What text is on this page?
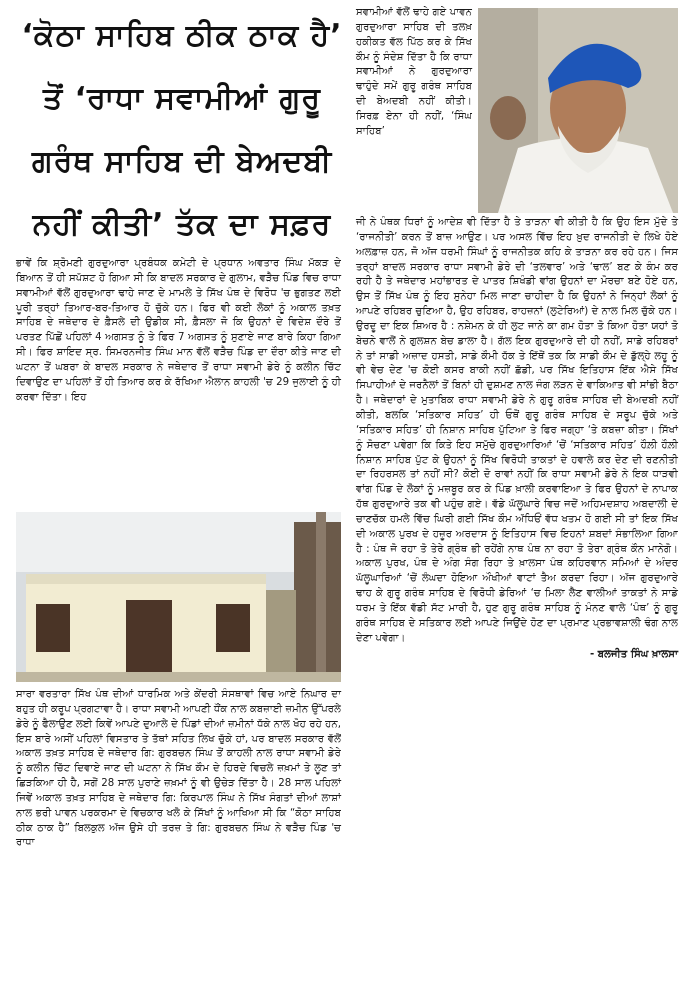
‘ਕੋਠਾ ਸਾਹਿਬ ਠੀਕ ਠਾਕ ਹੈ’
ਤੋਂ ‘ਰਾਧਾ ਸਵਾਮੀਆਂ ਗੁਰੂ
ਗਰੰਥ ਸਾਹਿਬ ਦੀ ਬੇਅਦਬੀ
ਨਹੀਂ ਕੀਤੀ’ ਤੱਕ ਦਾ ਸਫ਼ਰ

ਭਾਵੇਂ ਕਿ ਸ਼੍ਰੋਮਣੀ ਗੁਰਦੁਆਰਾ ਪ੍ਰਬੰਧਕ ਕਮੇਟੀ ਦੇ ਪ੍ਰਧਾਨ ਅਵਤਾਰ ਸਿੰਘ ਮੱਕੜ ਦੇ ਬਿਆਨ ਤੋਂ ਹੀ ਸਪੱਸ਼ਟ ਹੋ ਗਿਆ ਸੀ ਕਿ ਬਾਦਲ ਸਰਕਾਰ ਦੇ ਗੁਲਾਮ, ਵੜੈਚ ਪਿੰਡ ਵਿਚ ਰਾਧਾ ਸਵਾਮੀਆਂ ਵੱਲੋਂ ਗੁਰਦੁਆਰਾ ਢਾਹੇ ਜਾਣ ਦੇ ਮਾਮਲੇ ਤੇ ਸਿੱਖ ਪੰਥ ਦੇ ਵਿਰੋਧ 'ਚ ਭੁਗਤਣ ਲਈ ਪੂਰੀ ਤਰ੍ਹਾਂ ਤਿਆਰ-ਬਰ-ਤਿਆਰ ਹੋ ਚੁੱਕੇ ਹਨ। ਫਿਰ ਵੀ ਕਈ ਲੋਕਾਂ ਨੂੰ ਅਕਾਲ ਤਖ਼ਤ ਸਾਹਿਬ ਦੇ ਜਥੇਦਾਰ ਦੇ ਫ਼ੈਸਲੇ ਦੀ ਉਡੀਕ ਸੀ, ਫ਼ੈਸਲਾ ਜੋ ਕਿ ਉਹਨਾਂ ਦੇ ਵਿਦੇਸ਼ ਦੌਰੇ ਤੋਂ ਪਰਤਣ ਪਿੱਛੋਂ ਪਹਿਲਾਂ 4 ਅਗਸਤ ਨੂੰ ਤੇ ਫਿਰ 7 ਅਗਸਤ ਨੂੰ ਸੁਣਾਏ ਜਾਣ ਬਾਰੇ ਕਿਹਾ ਗਿਆ ਸੀ। ਫਿਰ ਸ਼ਾਇਦ ਸ੍ਰ. ਸਿਮਰਨਜੀਤ ਸਿੰਘ ਮਾਨ ਵੱਲੋਂ ਵੜੈਚ ਪਿੰਡ ਦਾ ਦੌਰਾ ਕੀਤੇ ਜਾਣ ਦੀ ਘਟਨਾ ਤੋਂ ਘਬਰਾ ਕੇ ਬਾਦਲ ਸਰਕਾਰ ਨੇ ਜਥੇਦਾਰ ਤੋਂ ਰਾਧਾ ਸਵਾਮੀ ਡੇਰੇ ਨੂੰ ਕਲੀਨ ਚਿੱਟ ਦਿਵਾਉਣ ਦਾ ਪਹਿਲਾਂ ਤੋਂ ਹੀ ਤਿਆਰ ਕਰ ਕੇ ਰੱਖਿਆ ਐਲਾਨ ਕਾਹਲੀ 'ਚ 29 ਜੁਲਾਈ ਨੂੰ ਹੀ ਕਰਵਾ ਦਿੱਤਾ। ਇਹ

ਸਾਰਾ ਵਰਤਾਰਾ ਸਿੱਖ ਪੰਥ ਦੀਆਂ ਧਾਰਮਿਕ ਅਤੇ ਕੇਂਦਰੀ ਸੰਸਥਾਵਾਂ ਵਿਚ ਆਏ ਨਿਘਾਰ ਦਾ ਬਹੁਤ ਹੀ ਕਰੂਪ ਪ੍ਰਗਟਾਵਾ ਹੈ। ਰਾਧਾ ਸਵਾਮੀ ਆਪਣੀ ਧੌਂਕ ਨਾਲ ਕਬਜ਼ਾਈ ਜ਼ਮੀਨ ਉੱਪਰਲੇ ਡੇਰੇ ਨੂੰ ਫੈਲਾਉਣ ਲਈ ਕਿਵੇਂ ਆਪਣੇ ਦੁਆਲੇ ਦੇ ਪਿੰਡਾਂ ਦੀਆਂ ਜ਼ਮੀਨਾਂ ਧੱਕੇ ਨਾਲ ਖੋਹ ਰਹੇ ਹਨ, ਇਸ ਬਾਰੇ ਅਸੀਂ ਪਹਿਲਾਂ ਵਿਸਤਾਰ ਤੇ ਤੱਥਾਂ ਸਹਿਤ ਲਿਖ ਚੁੱਕੇ ਹਾਂ, ਪਰ ਬਾਦਲ ਸਰਕਾਰ ਵੱਲੋਂ ਅਕਾਲ ਤਖ਼ਤ ਸਾਹਿਬ ਦੇ ਜਥੇਦਾਰ ਗਿ: ਗੁਰਬਚਨ ਸਿੰਘ ਤੋਂ ਕਾਹਲੀ ਨਾਲ ਰਾਧਾ ਸਵਾਮੀ ਡੇਰੇ ਨੂੰ ਕਲੀਨ ਚਿੱਟ ਦਿਵਾਏ ਜਾਣ ਦੀ ਘਟਨਾ ਨੇ ਸਿੱਖ ਕੌਮ ਦੇ ਹਿਰਦੇ ਵਿਚਲੇ ਜ਼ਖ਼ਮਾਂ ਤੇ ਲੂਣ ਤਾਂ ਛਿੜਕਿਆ ਹੀ ਹੈ, ਸਗੋਂ 28 ਸਾਲ ਪੁਰਾਣੇ ਜ਼ਖ਼ਮਾਂ ਨੂੰ ਵੀ ਉਚੇੜ ਦਿੱਤਾ ਹੈ। 28 ਸਾਲ ਪਹਿਲਾਂ ਜਿਵੇਂ ਅਕਾਲ ਤਖ਼ਤ ਸਾਹਿਬ ਦੇ ਜਥੇਦਾਰ ਗਿ: ਕਿਰਪਾਲ ਸਿੰਘ ਨੇ ਸਿੱਖ ਸੰਗਤਾਂ ਦੀਆਂ ਲਾਸ਼ਾਂ ਨਾਲ ਭਰੀ ਪਾਵਨ ਪਰਕਰਮਾ ਦੇ ਵਿਚਕਾਰ ਖਲੋ ਕੇ ਸਿੱਖਾਂ ਨੂੰ ਆਖਿਆ ਸੀ ਕਿ “ਕੋਠਾ ਸਾਹਿਬ ਠੀਕ ਠਾਕ ਹੈ” ਬਿਲਕੁਲ ਅੱਜ ਉਸੇ ਹੀ ਤਰਜ਼ ਤੇ ਗਿ: ਗੁਰਬਚਨ ਸਿੰਘ ਨੇ ਵੜੈਚ ਪਿੰਡ 'ਚ ਰਾਧਾ

ਸਵਾਮੀਆਂ ਵੱਲੋਂ ਢਾਹੇ ਗਏ ਪਾਵਨ ਗੁਰਦੁਆਰਾ ਸਾਹਿਬ ਦੀ ਤਲਖ਼ ਹਕੀਕਤ ਵੱਲ ਪਿੱਠ ਕਰ ਕੇ ਸਿੱਖ ਕੌਮ ਨੂੰ ਸੰਦੇਸ਼ ਦਿੱਤਾ ਹੈ ਕਿ ਰਾਧਾ ਸਵਾਮੀਆਂ ਨੇ ਗੁਰਦੁਆਰਾ ਢਾਹੁੰਦੇ ਸਮੇਂ ਗੁਰੂ ਗਰੰਥ ਸਾਹਿਬ ਦੀ ਬੇਅਦਬੀ ਨਹੀਂ ਕੀਤੀ। ਸਿਰਫ਼ ਏਨਾ ਹੀ ਨਹੀਂ, ‘ਸਿੰਘ ਸਾਹਿਬ’

ਜੀ ਨੇ ਪੰਥਕ ਧਿਰਾਂ ਨੂੰ ਆਦੇਸ਼ ਵੀ ਦਿੱਤਾ ਹੈ ਤੇ ਤਾੜਨਾ ਵੀ ਕੀਤੀ ਹੈ ਕਿ ਉਹ ਇਸ ਮੁੱਦੇ ਤੇ ‘ਰਾਜਨੀਤੀ’ ਕਰਨ ਤੋਂ ਬਾਜ਼ ਆਉਣ। ਪਰ ਅਸਲ ਵਿੱਚ ਇਹ ਖ਼ੁਦ ਰਾਜਨੀਤੀ ਦੇ ਲਿਖੇ ਹੋਏ ਅਲਫ਼ਾਜ਼ ਹਨ, ਜੋ ਅੱਜ ਧਰਮੀ ਸਿੰਘਾਂ ਨੂੰ ਰਾਜਨੀਤਕ ਕਹਿ ਕੇ ਤਾੜਨਾ ਕਰ ਰਹੇ ਹਨ। ਜਿਸ ਤਰ੍ਹਾਂ ਬਾਦਲ ਸਰਕਾਰ ਰਾਧਾ ਸਵਾਮੀ ਡੇਰੇ ਦੀ ‘ਤਲਵਾਰ’ ਅਤੇ ‘ਢਾਲ’ ਬਣ ਕੇ ਕੰਮ ਕਰ ਰਹੀ ਹੈ ਤੇ ਜਥੇਦਾਰ ਮਹਾਂਭਾਰਤ ਦੇ ਪਾਤਰ ਸ਼ਿਖੰਡੀ ਵਾਂਗ ਉਹਨਾਂ ਦਾ ਮੋਰਚਾ ਬਣੇ ਹੋਏ ਹਨ, ਉਸ ਤੋਂ ਸਿੱਖ ਪੰਥ ਨੂੰ ਇਹ ਸੁਨੇਹਾ ਮਿਲ ਜਾਣਾ ਚਾਹੀਦਾ ਹੈ ਕਿ ਉਹਨਾਂ ਨੇ ਜਿਨ੍ਹਾਂ ਲੋਕਾਂ ਨੂੰ ਆਪਣੇ ਰਹਿਬਰ ਚੁਣਿਆ ਹੈ, ਉਹ ਰਹਿਬਰ, ਰਾਹਜ਼ਨਾਂ (ਲੁਟੇਰਿਆਂ) ਦੇ ਨਾਲ ਮਿਲ ਚੁੱਕੇ ਹਨ। ਉਰਦੂ ਦਾ ਇਕ ਸ਼ਿਅਰ ਹੈ : ਨਸ਼ੇਮਨ ਕੇ ਹੀ ਲੁਟ ਜਾਨੇ ਕਾ ਗਮ ਹੋਤਾ ਤੋ ਕਿਆ ਹੋਤਾ ਯਹਾਂ ਤੋ ਬੇਚਨੇ ਵਾਲੋਂ ਨੇ ਗੁਲਸ਼ਨ ਬੇਚ ਡਾਲਾ ਹੈ। ਗੱਲ ਇਕ ਗੁਰਦੁਆਰੇ ਦੀ ਹੀ ਨਹੀਂ, ਸਾਡੇ ਰਹਿਬਰਾਂ ਨੇ ਤਾਂ ਸਾਡੀ ਅਜ਼ਾਦ ਹਸਤੀ, ਸਾਡੇ ਕੌਮੀ ਹੱਕ ਤੇ ਇੱਥੋਂ ਤਕ ਕਿ ਸਾਡੀ ਕੌਮ ਦੇ ਡੁੱਲ੍ਹੇ ਲਹੂ ਨੂੰ ਵੀ ਵੇਚ ਦੇਣ 'ਚ ਕੋਈ ਕਸਰ ਬਾਕੀ ਨਹੀਂ ਛੱਡੀ, ਪਰ ਸਿੱਖ ਇਤਿਹਾਸ ਇੱਕ ਐਸੇ ਸਿੱਖ ਸਿਪਾਹੀਆਂ ਦੇ ਜਰਨੈਲਾਂ ਤੋਂ ਬਿਨਾਂ ਹੀ ਦੁਸ਼ਮਣ ਨਾਲ ਜੰਗ ਲੜਨ ਦੇ ਵਾਕਿਆਤ ਵੀ ਸਾਂਭੀ ਬੈਠਾ ਹੈ। ਜਥੇਦਾਰਾਂ ਦੇ ਮੁਤਾਬਿਕ ਰਾਧਾ ਸਵਾਮੀ ਡੇਰੇ ਨੇ ਗੁਰੂ ਗਰੰਥ ਸਾਹਿਬ ਦੀ ਬੇਅਦਬੀ ਨਹੀਂ ਕੀਤੀ, ਬਲਕਿ ‘ਸਤਿਕਾਰ ਸਹਿਤ’ ਹੀ ਓਥੋਂ ਗੁਰੂ ਗਰੰਥ ਸਾਹਿਬ ਦੇ ਸਰੂਪ ਚੁੱਕੇ ਅਤੇ ‘ਸਤਿਕਾਰ ਸਹਿਤ’ ਹੀ ਨਿਸ਼ਾਨ ਸਾਹਿਬ ਪੁੱਟਿਆ ਤੇ ਫਿਰ ਜਗ੍ਹਾ ‘ਤੇ ਕਬਜ਼ਾ ਕੀਤਾ। ਸਿੱਖਾਂ ਨੂੰ ਸੋਚਣਾ ਪਵੇਗਾ ਕਿ ਕਿਤੇ ਇਹ ਸਮੁੱਚੇ ਗੁਰਦੁਆਰਿਆਂ ‘ਚੋਂ ‘ਸਤਿਕਾਰ ਸਹਿਤ’ ਹੌਲ਼ੀ ਹੌਲ਼ੀ ਨਿਸ਼ਾਨ ਸਾਹਿਬ ਪੁੱਟ ਕੇ ਉਹਨਾਂ ਨੂੰ ਸਿੱਖ ਵਿਰੋਧੀ ਤਾਕਤਾਂ ਦੇ ਹਵਾਲੇ ਕਰ ਦੇਣ ਦੀ ਰਣਨੀਤੀ ਦਾ ਰਿਹਰਸਲ ਤਾਂ ਨਹੀਂ ਸੀ? ਕੋਈ ਦੋ ਰਾਵਾਂ ਨਹੀਂ ਕਿ ਰਾਧਾ ਸਵਾਮੀ ਡੇਰੇ ਨੇ ਇਕ ਧਾੜਵੀ ਵਾਂਗ ਪਿੰਡ ਦੇ ਲੋਕਾਂ ਨੂੰ ਮਜ਼ਬੂਰ ਕਰ ਕੇ ਪਿੰਡ ਖ਼ਾਲੀ ਕਰਵਾਇਆ ਤੇ ਫਿਰ ਉਹਨਾਂ ਦੇ ਨਾਪਾਕ ਹੱਥ ਗੁਰਦੁਆਰੇ ਤਕ ਵੀ ਪਹੁੰਚ ਗਏ। ਵੱਡੇ ਘੱਲੂਘਾਰੇ ਵਿਚ ਜਦੋਂ ਅਹਿਮਦਸ਼ਾਹ ਅਬਦਾਲੀ ਦੇ ਚਾਣਚੱਕ ਹਮਲੇ ਵਿੱਚ ਘਿਰੀ ਗਈ ਸਿੱਖ ਕੌਮ ਅੱਧਿਓਂ ਵੱਧ ਖਤਮ ਹੋ ਗਈ ਸੀ ਤਾਂ ਇਕ ਸਿੱਖ ਦੀ ਅਕਾਲ ਪੁਰਖ ਦੇ ਹਜ਼ੂਰ ਅਰਦਾਸ ਨੂੰ ਇਤਿਹਾਸ ਵਿਚ ਇਹਨਾਂ ਸ਼ਬਦਾਂ ਸੰਭਾਲਿਆ ਗਿਆ ਹੈ : ਪੰਥ ਜੋ ਰਹਾ ਤੋ ਤੇਰੇ ਗ੍ਰੰਥ ਭੀ ਰਹੇਂਗੇ ਨਾਥ ਪੰਥ ਨਾ ਰਹਾ ਤੋ ਤੇਰਾ ਗ੍ਰੰਥ ਕੌਨ ਮਾਨੇਗੋ। ਅਕਾਲ ਪੁਰਖ, ਪੰਥ ਦੇ ਅੰਗ ਸੰਗ ਰਿਹਾ ਤੇ ਖ਼ਾਲਸਾ ਪੰਥ ਕਹਿਰਵਾਨ ਸਮਿਆਂ ਦੇ ਅੰਦਰ ਘੱਲੂਘਾਰਿਆਂ ‘ਚੋਂ ਲੰਘਦਾ ਹੋਇਆ ਔਖੀਆਂ ਵਾਟਾਂ ਤੈਅ ਕਰਦਾ ਰਿਹਾ। ਅੱਜ ਗੁਰਦੁਆਰੇ ਢਾਹ ਕੇ ਗੁਰੂ ਗਰੰਥ ਸਾਹਿਬ ਦੇ ਵਿਰੋਧੀ ਡੇਰਿਆਂ ‘ਚ ਮਿਲਾ ਲੈਣ ਵਾਲੀਆਂ ਤਾਕਤਾਂ ਨੇ ਸਾਡੇ ਧਰਮ ਤੇ ਇੱਕ ਵੱਡੀ ਸੱਟ ਮਾਰੀ ਹੈ, ਹੁਣ ਗੁਰੂ ਗਰੰਥ ਸਾਹਿਬ ਨੂੰ ਮੰਨਣ ਵਾਲੇ ‘ਪੰਥ’ ਨੂੰ ਗੁਰੂ ਗਰੰਥ ਸਾਹਿਬ ਦੇ ਸਤਿਕਾਰ ਲਈ ਆਪਣੇ ਜਿਉਂਦੇ ਹੋਣ ਦਾ ਪ੍ਰਮਾਣ ਪ੍ਰਭਾਵਸ਼ਾਲੀ ਢੰਗ ਨਾਲ ਦੇਣਾ ਪਵੇਗਾ।

- ਬਲਜੀਤ ਸਿੰਘ ਖ਼ਾਲਸਾ
